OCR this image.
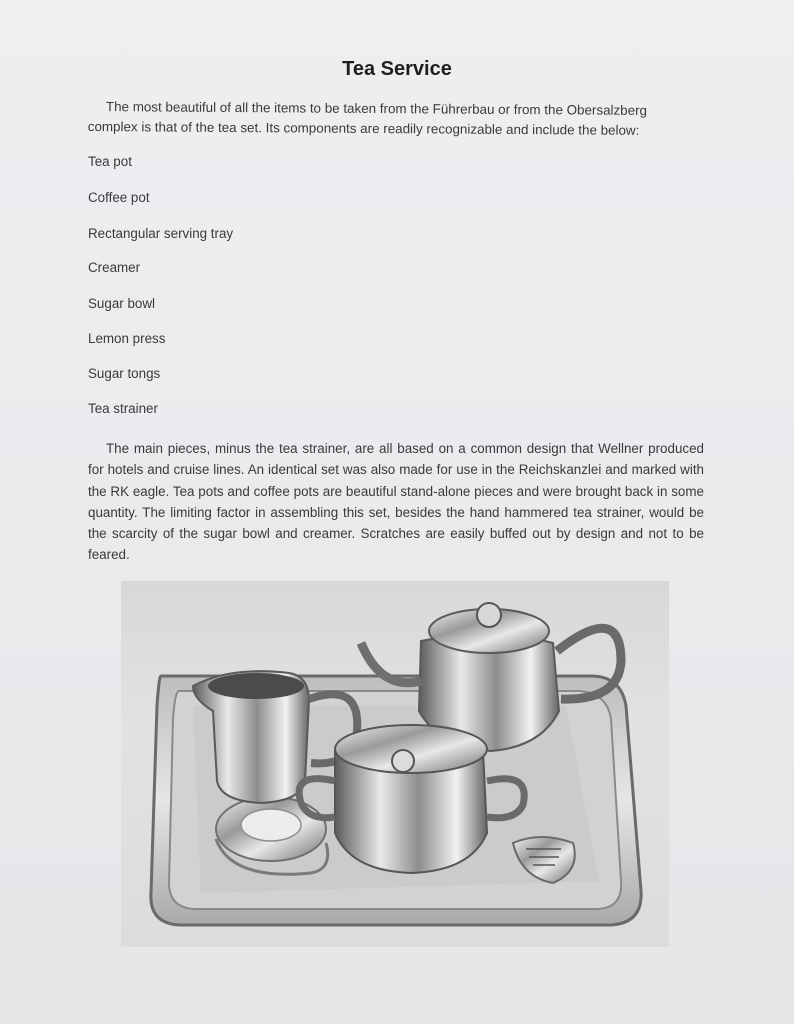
Tea Service

The most beautiful of all the items to be taken from the Führerbau or from the Obersalzberg complex is that of the tea set. Its components are readily recognizable and include the below:

Tea pot
Coffee pot
Rectangular serving tray
Creamer
Sugar bowl
Lemon press
Sugar tongs
Tea strainer

The main pieces, minus the tea strainer, are all based on a common design that Wellner produced for hotels and cruise lines. An identical set was also made for use in the Reichskanzlei and marked with the RK eagle. Tea pots and coffee pots are beautiful stand-alone pieces and were brought back in some quantity. The limiting factor in assembling this set, besides the hand hammered tea strainer, would be the scarcity of the sugar bowl and creamer. Scratches are easily buffed out by design and not to be feared.
